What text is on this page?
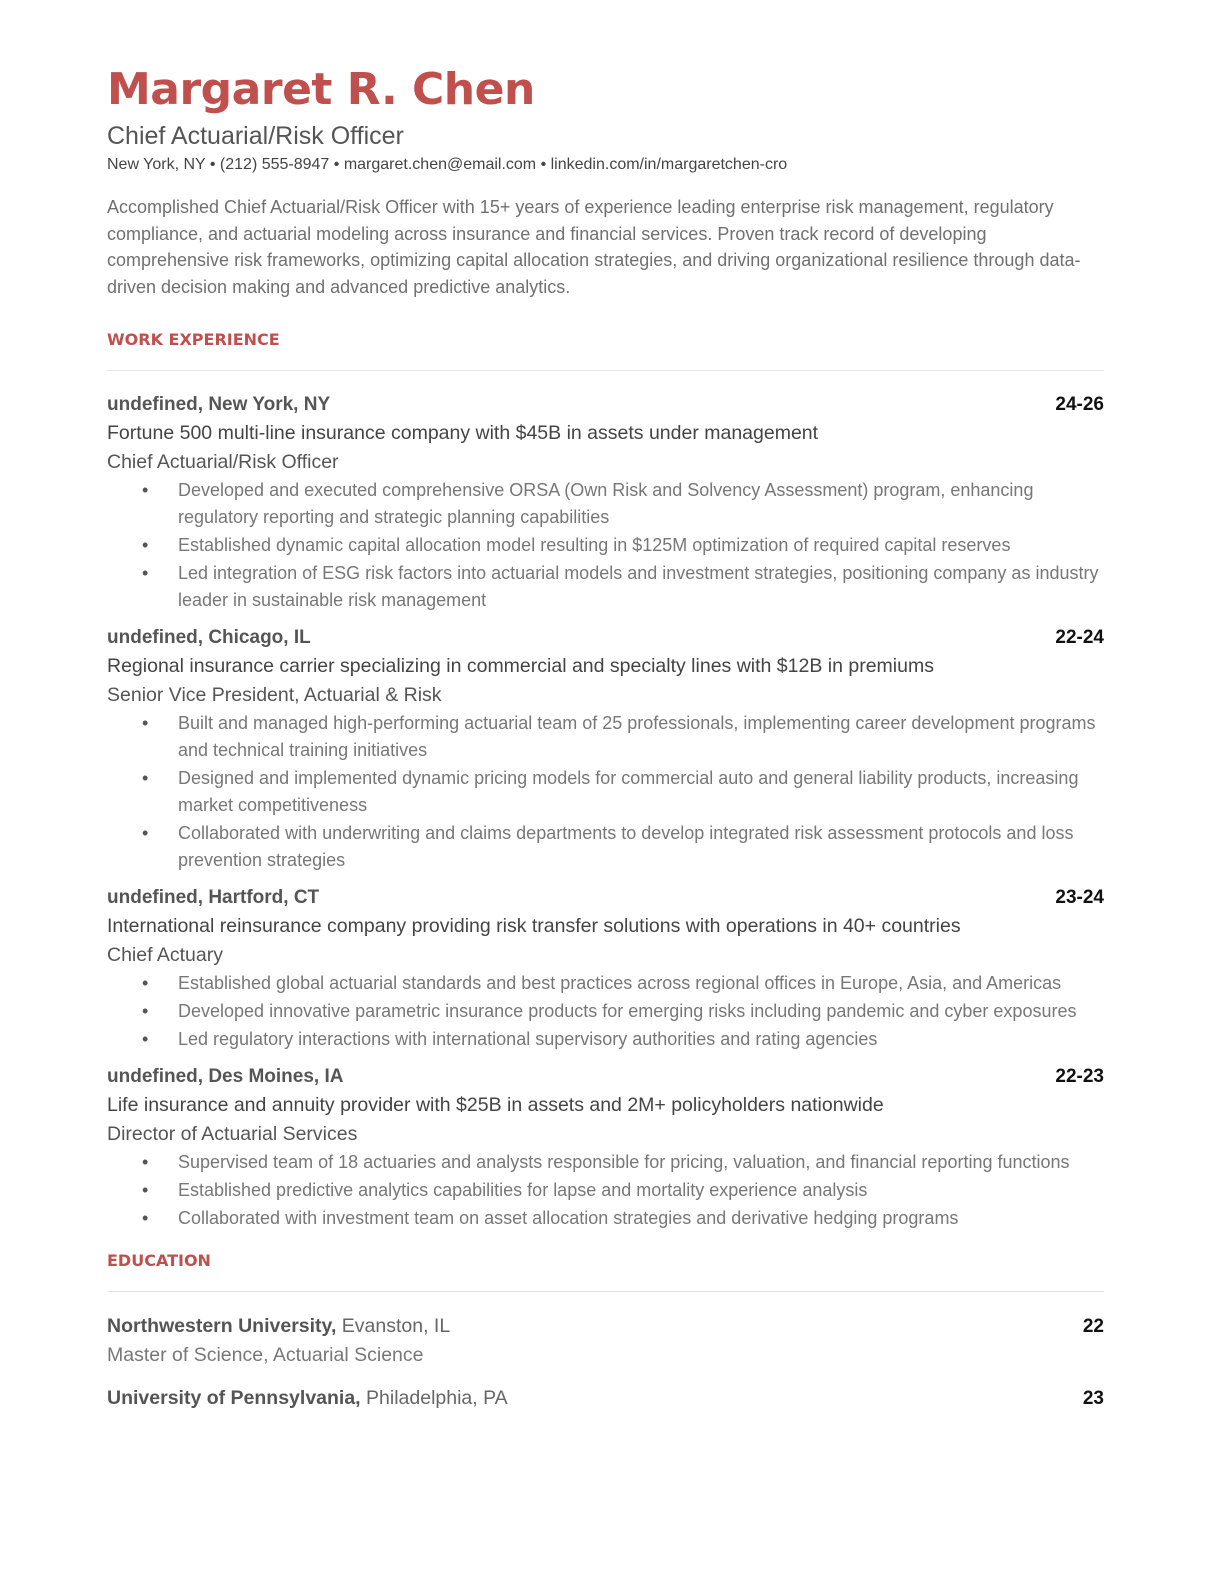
Margaret R. Chen
Chief Actuarial/Risk Officer
New York, NY • (212) 555-8947 • margaret.chen@email.com • linkedin.com/in/margaretchen-cro
Accomplished Chief Actuarial/Risk Officer with 15+ years of experience leading enterprise risk management, regulatory compliance, and actuarial modeling across insurance and financial services. Proven track record of developing comprehensive risk frameworks, optimizing capital allocation strategies, and driving organizational resilience through data-driven decision making and advanced predictive analytics.
WORK EXPERIENCE
undefined, New York, NY	24-26
Fortune 500 multi-line insurance company with $45B in assets under management
Chief Actuarial/Risk Officer
• Developed and executed comprehensive ORSA (Own Risk and Solvency Assessment) program, enhancing regulatory reporting and strategic planning capabilities
• Established dynamic capital allocation model resulting in $125M optimization of required capital reserves
• Led integration of ESG risk factors into actuarial models and investment strategies, positioning company as industry leader in sustainable risk management
undefined, Chicago, IL	22-24
Regional insurance carrier specializing in commercial and specialty lines with $12B in premiums
Senior Vice President, Actuarial & Risk
• Built and managed high-performing actuarial team of 25 professionals, implementing career development programs and technical training initiatives
• Designed and implemented dynamic pricing models for commercial auto and general liability products, increasing market competitiveness
• Collaborated with underwriting and claims departments to develop integrated risk assessment protocols and loss prevention strategies
undefined, Hartford, CT	23-24
International reinsurance company providing risk transfer solutions with operations in 40+ countries
Chief Actuary
• Established global actuarial standards and best practices across regional offices in Europe, Asia, and Americas
• Developed innovative parametric insurance products for emerging risks including pandemic and cyber exposures
• Led regulatory interactions with international supervisory authorities and rating agencies
undefined, Des Moines, IA	22-23
Life insurance and annuity provider with $25B in assets and 2M+ policyholders nationwide
Director of Actuarial Services
• Supervised team of 18 actuaries and analysts responsible for pricing, valuation, and financial reporting functions
• Established predictive analytics capabilities for lapse and mortality experience analysis
• Collaborated with investment team on asset allocation strategies and derivative hedging programs
EDUCATION
Northwestern University, Evanston, IL	22
Master of Science, Actuarial Science
University of Pennsylvania, Philadelphia, PA	23
